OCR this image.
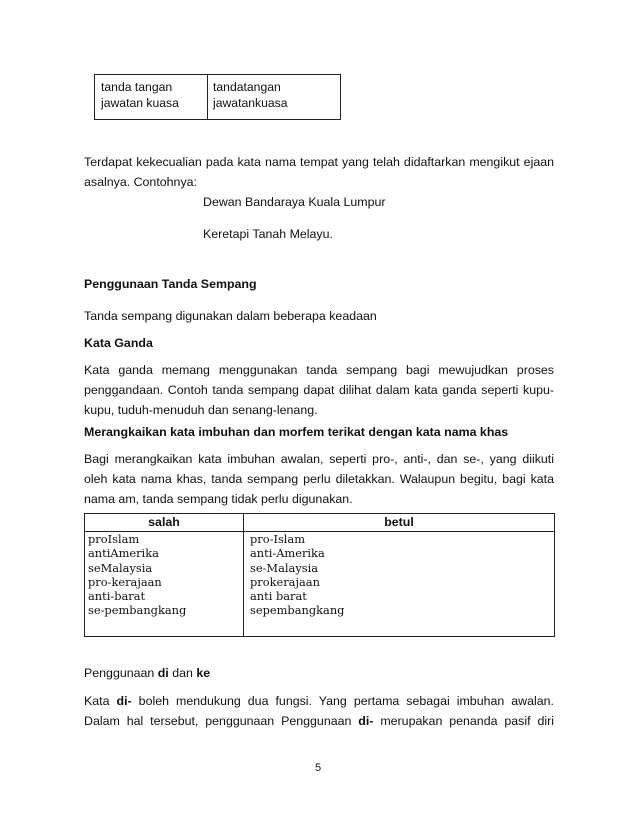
tanda tangan
jawatan kuasa
tandatangan
jawatankuasa

Terdapat kekecualian pada kata nama tempat yang telah didaftarkan mengikut ejaan

asalnya. Contohnya:

Dewan Bandaraya Kuala Lumpur

Keretapi Tanah Melayu.

Penggunaan Tanda Sempang

Tanda sempang digunakan dalam beberapa keadaan

Kata Ganda

Kata ganda memang menggunakan tanda sempang bagi mewujudkan proses

penggandaan. Contoh tanda sempang dapat dilihat dalam kata ganda seperti kupu-

kupu, tuduh-menuduh dan senang-lenang.

Merangkaikan kata imbuhan dan morfem terikat dengan kata nama khas

Bagi merangkaikan kata imbuhan awalan, seperti pro-, anti-, dan se-, yang diikuti

oleh kata nama khas, tanda sempang perlu diletakkan. Walaupun begitu, bagi kata

nama am, tanda sempang tidak perlu digunakan.

salah	betul
proIslam
antiAmerika
seMalaysia
pro-kerajaan
anti-barat
se-pembangkang
pro-Islam
anti-Amerika
se-Malaysia
prokerajaan
anti barat
sepembangkang

Penggunaan di dan ke

Kata di- boleh mendukung dua fungsi. Yang pertama sebagai imbuhan awalan.

Dalam hal tersebut, penggunaan Penggunaan di- merupakan penanda pasif diri

5
